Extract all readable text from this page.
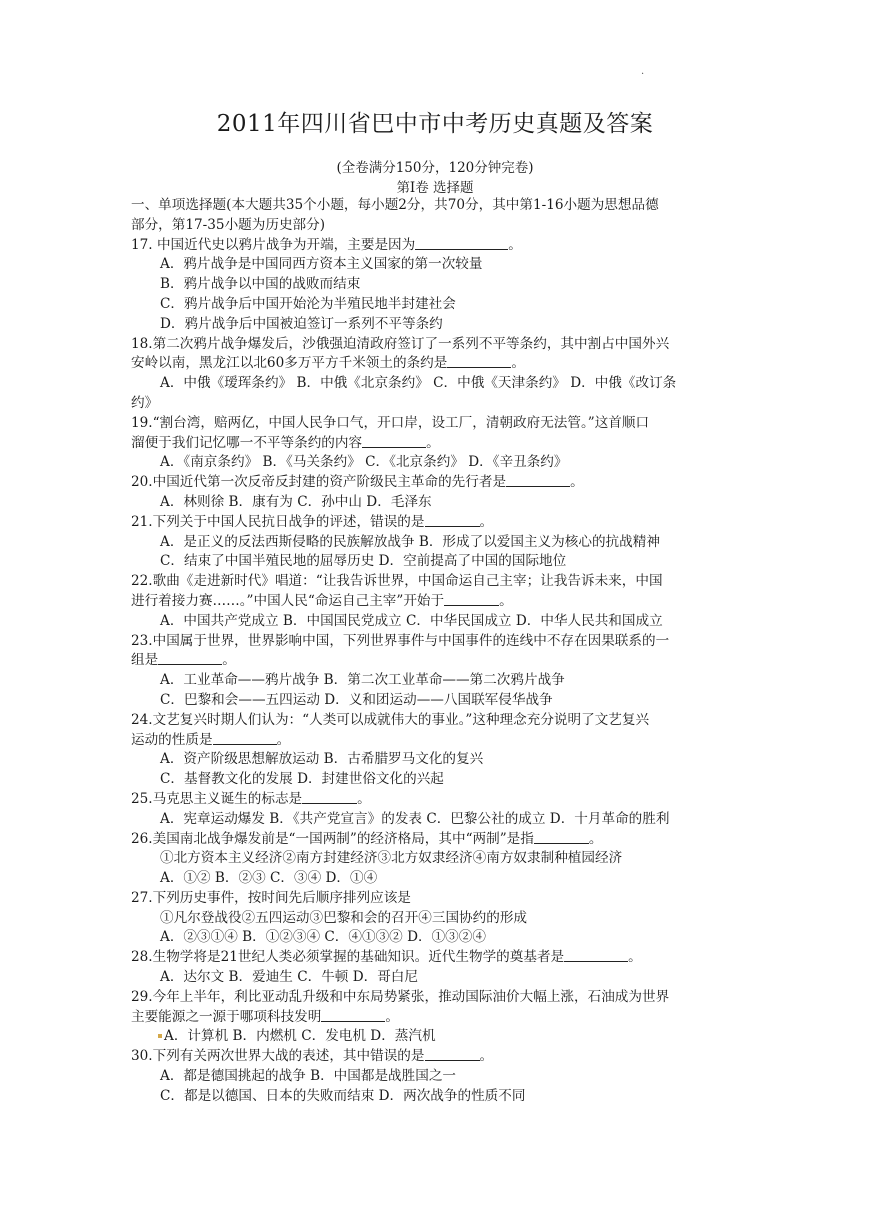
.
2011年四川省巴中市中考历史真题及答案
(全卷满分150分，120分钟完卷)
第Ⅰ卷 选择题
一、单项选择题(本大题共35个小题，每小题2分，共70分，其中第1-16小题为思想品德
部分，第17-35小题为历史部分)
17. 中国近代史以鸦片战争为开端，主要是因为	。
A．鸦片战争是中国同西方资本主义国家的第一次较量
B．鸦片战争以中国的战败而结束
C．鸦片战争后中国开始沦为半殖民地半封建社会
D．鸦片战争后中国被迫签订一系列不平等条约
18.第二次鸦片战争爆发后，沙俄强迫清政府签订了一系列不平等条约，其中割占中国外兴
安岭以南，黑龙江以北60多万平方千米领土的条约是	。
A．中俄《瑷珲条约》 B．中俄《北京条约》 C．中俄《天津条约》 D．中俄《改订条
约》
19.“割台湾，赔两亿，中国人民争口气，开口岸，设工厂，清朝政府无法管。”这首顺口
溜便于我们记忆哪一不平等条约的内容	。
A．《南京条约》 B．《马关条约》 C．《北京条约》 D．《辛丑条约》
20.中国近代第一次反帝反封建的资产阶级民主革命的先行者是	。
A．林则徐 B．康有为 C．孙中山 D．毛泽东
21.下列关于中国人民抗日战争的评述，错误的是	。
A．是正义的反法西斯侵略的民族解放战争 B．形成了以爱国主义为核心的抗战精神
C．结束了中国半殖民地的屈辱历史 D．空前提高了中国的国际地位
22.歌曲《走进新时代》唱道：“让我告诉世界，中国命运自己主宰；让我告诉未来，中国
进行着接力赛……。”中国人民“命运自己主宰”开始于	。
A．中国共产党成立 B．中国国民党成立 C．中华民国成立 D．中华人民共和国成立
23.中国属于世界，世界影响中国，下列世界事件与中国事件的连线中不存在因果联系的一
组是	。
A．工业革命——鸦片战争 B．第二次工业革命——第二次鸦片战争
C．巴黎和会——五四运动 D．义和团运动——八国联军侵华战争
24.文艺复兴时期人们认为：“人类可以成就伟大的事业。”这种理念充分说明了文艺复兴
运动的性质是	。
A．资产阶级思想解放运动 B．古希腊罗马文化的复兴
C．基督教文化的发展 D．封建世俗文化的兴起
25.马克思主义诞生的标志是	。
A．宪章运动爆发 B．《共产党宣言》的发表 C．巴黎公社的成立 D．十月革命的胜利
26.美国南北战争爆发前是“一国两制”的经济格局，其中“两制”是指	。
①北方资本主义经济②南方封建经济③北方奴隶经济④南方奴隶制种植园经济
A．①② B．②③ C．③④ D．①④
27.下列历史事件，按时间先后顺序排列应该是
①凡尔登战役②五四运动③巴黎和会的召开④三国协约的形成
A．②③①④ B．①②③④ C．④①③② D．①③②④
28.生物学将是21世纪人类必须掌握的基础知识。近代生物学的奠基者是	。
A．达尔文 B．爱迪生 C．牛顿 D．哥白尼
29.今年上半年，利比亚动乱升级和中东局势紧张，推动国际油价大幅上涨，石油成为世界
主要能源之一源于哪项科技发明	。
A．计算机 B．内燃机 C．发电机 D．蒸汽机
30.下列有关两次世界大战的表述，其中错误的是	。
A．都是德国挑起的战争 B．中国都是战胜国之一
C．都是以德国、日本的失败而结束 D．两次战争的性质不同
